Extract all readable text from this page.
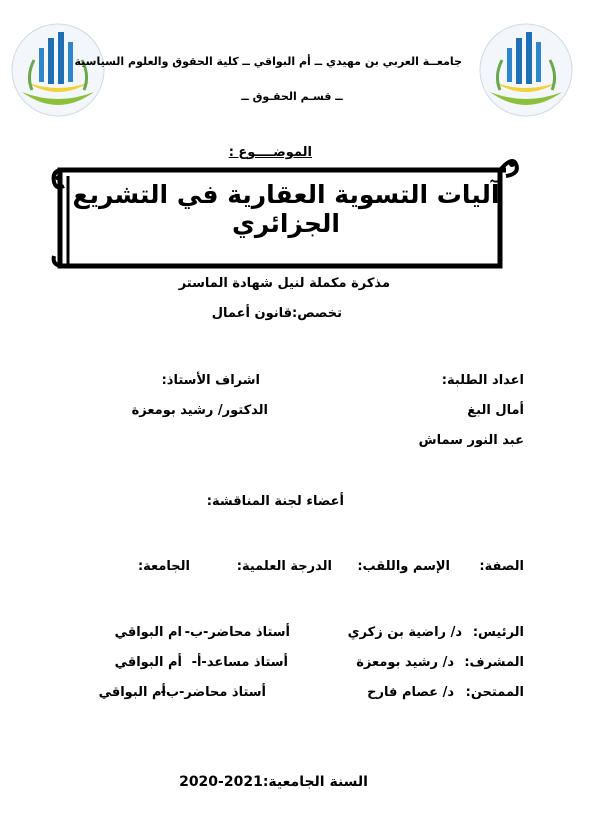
جامعــة العربي بن مهيدي ــ أم البواقي ــ كلية الحقوق والعلوم السياسية
ــ قسـم الحقـوق ــ
الموضــــوع :
آليات التسوية العقارية في التشريع الجزائري
مذكرة مكملة لنيل شهادة الماستر
تخصص:قانون أعمال
اعداد الطلبة:
أمال البغ
عبد النور سماش
اشراف الأستاذ:
الدكتور/ رشيد بومعزة
أعضاء لجنة المناقشة:
الصفة:
الإسم واللقب:
الدرجة العلمية:
الجامعة:
الرئيس:
د/ راضية بن زكري
أستاذ محاضر-ب-
ام البواقي
المشرف:
د/ رشيد بومعزة
أستاذ مساعد-أ-
أم البواقي
الممتحن:
د/ عصام فارح
أستاذ محاضر-ب-
أم البواقي
السنة الجامعية:2020-2021
